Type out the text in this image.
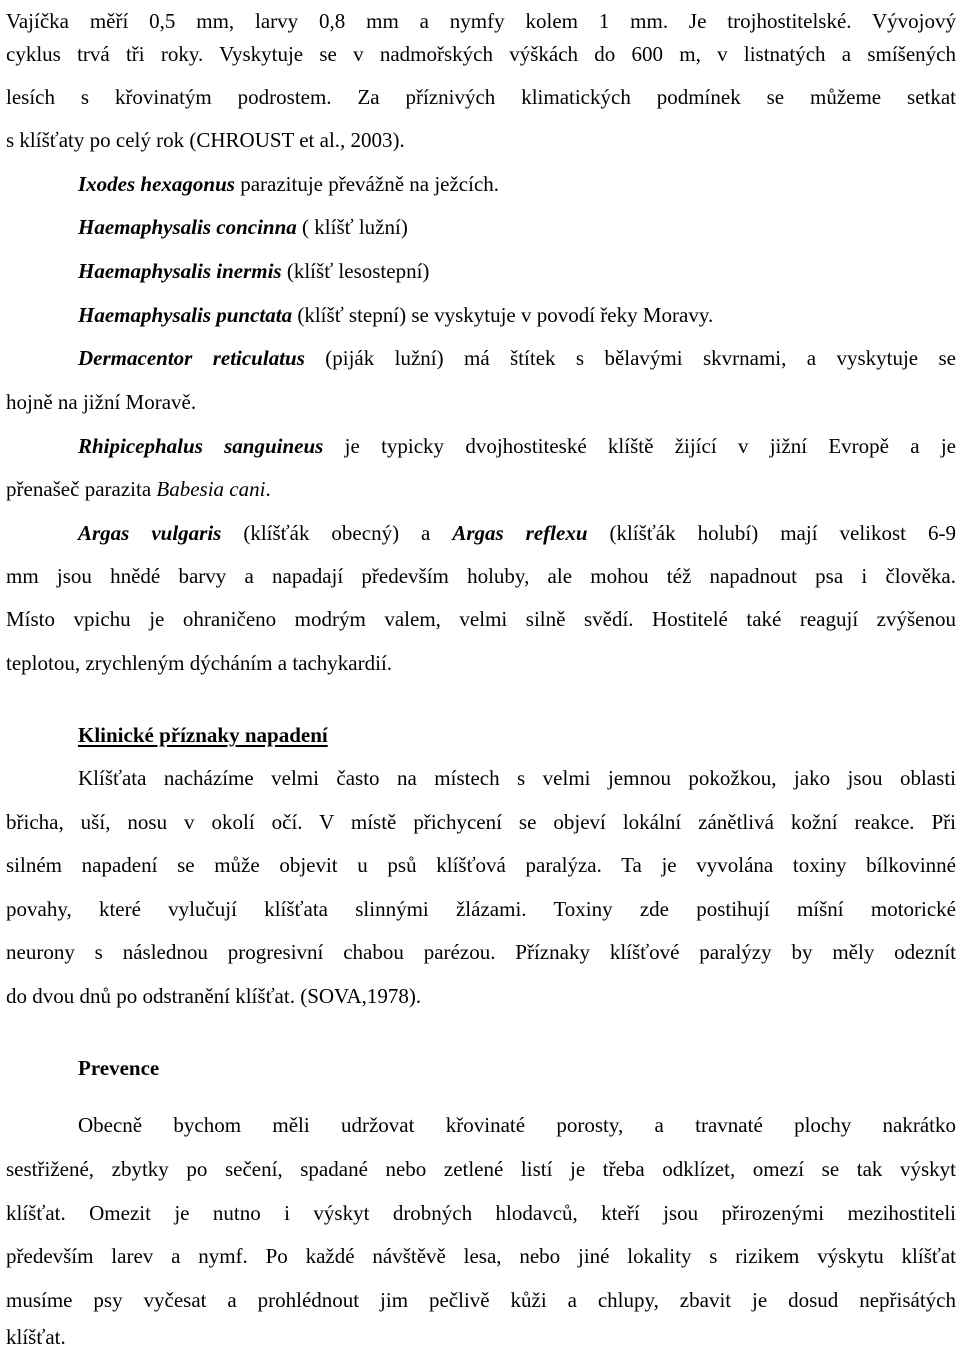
Vajíčka měří 0,5 mm, larvy 0,8 mm a nymfy kolem 1 mm. Je trojhostitelské. Vývojový
cyklus trvá tři roky. Vyskytuje se v nadmořských výškách do 600 m, v listnatých a smíšených
lesích s křovinatým podrostem. Za příznivých klimatických podmínek se můžeme setkat
s klíšťaty po celý rok (CHROUST et al., 2003).
Ixodes hexagonus parazituje převážně na ježcích.
Haemaphysalis concinna ( klíšť lužní)
Haemaphysalis inermis (klíšť lesostepní)
Haemaphysalis punctata (klíšť stepní) se vyskytuje v povodí řeky Moravy.
Dermacentor reticulatus (piják lužní) má štítek s bělavými skvrnami, a vyskytuje se
hojně na jižní Moravě.
Rhipicephalus sanguineus je typicky dvojhostiteské klíště žijící v jižní Evropě a je
přenašeč parazita Babesia cani.
Argas vulgaris (klíšťák obecný) a Argas reflexu (klíšťák holubí) mají velikost 6-9
mm jsou hnědé barvy a napadají především holuby, ale mohou též napadnout psa i člověka.
Místo vpichu je ohraničeno modrým valem, velmi silně svědí. Hostitelé také reagují zvýšenou
teplotou, zrychleným dýcháním a tachykardií.
Klinické příznaky napadení
Klíšťata nacházíme velmi často na místech s velmi jemnou pokožkou, jako jsou oblasti
břicha, uší, nosu v okolí očí. V místě přichycení se objeví lokální zánětlivá kožní reakce. Při
silném napadení se může objevit u psů klíšťová paralýza. Ta je vyvolána toxiny bílkovinné
povahy, které vylučují klíšťata slinnými žlázami. Toxiny zde postihují míšní motorické
neurony s následnou progresivní chabou parézou. Příznaky klíšťové paralýzy by měly odeznít
do dvou dnů po odstranění klíšťat. (SOVA,1978).
Prevence
Obecně bychom měli udržovat křovinaté porosty, a travnaté plochy nakrátko
sestřižené, zbytky po sečení, spadané nebo zetlené listí je třeba odklízet, omezí se tak výskyt
klíšťat. Omezit je nutno i výskyt drobných hlodavců, kteří jsou přirozenými mezihostiteli
především larev a nymf. Po každé návštěvě lesa, nebo jiné lokality s rizikem výskytu klíšťat
musíme psy vyčesat a prohlédnout jim pečlivě kůži a chlupy, zbavit je dosud nepřisátých
klíšťat.
